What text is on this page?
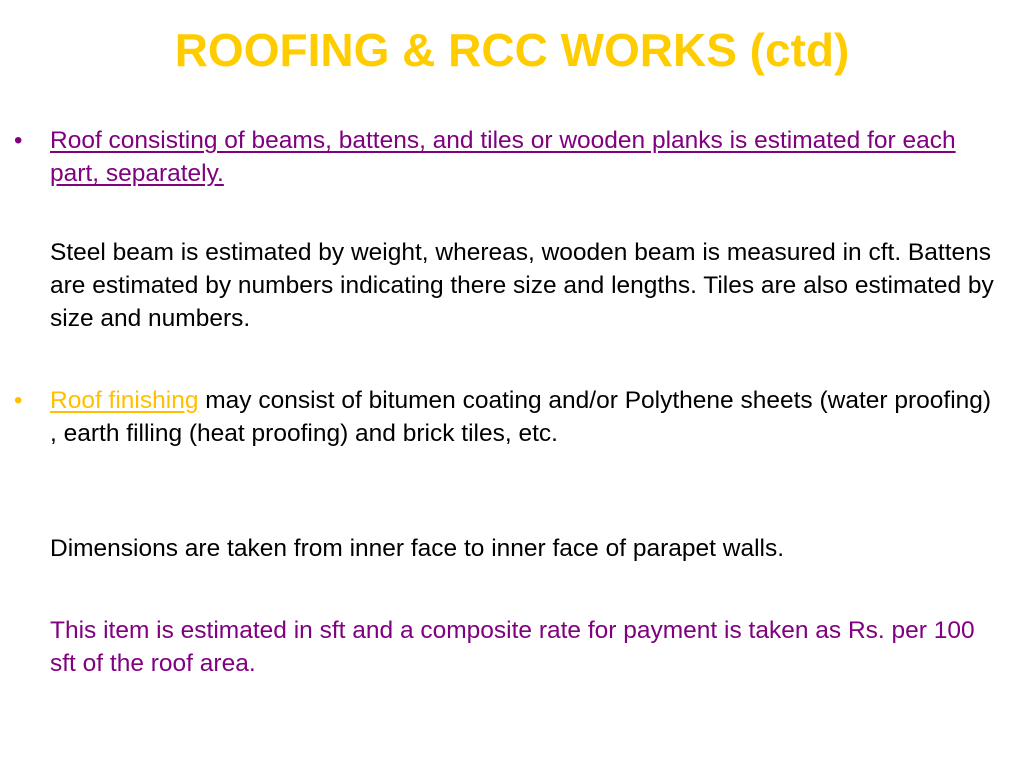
ROOFING & RCC WORKS (ctd)
• Roof consisting of beams, battens, and tiles or wooden planks is estimated for each part, separately.
Steel beam is estimated by weight, whereas, wooden beam is measured in cft. Battens are estimated by numbers indicating there size and lengths. Tiles are also estimated by size and numbers.
• Roof finishing may consist of bitumen coating and/or Polythene sheets (water proofing) , earth filling (heat proofing) and brick tiles, etc.
Dimensions are taken from inner face to inner face of parapet walls.
This item is estimated in sft and a composite rate for payment is taken as Rs. per 100 sft of the roof area.
